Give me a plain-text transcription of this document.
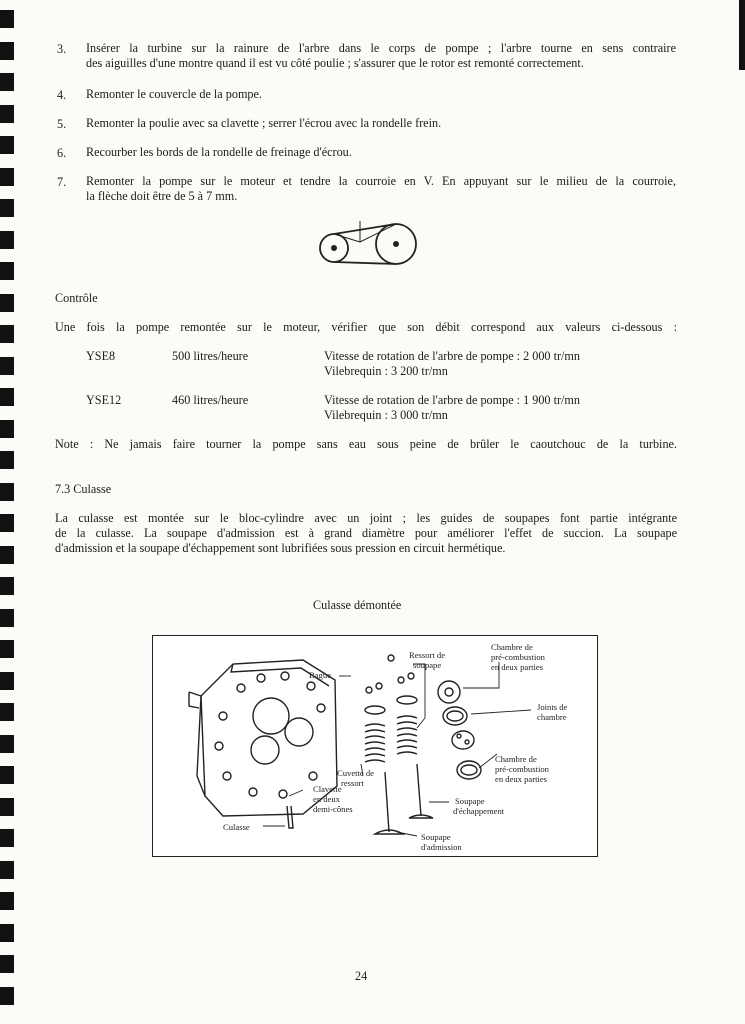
3. Insérer la turbine sur la rainure de l'arbre dans le corps de pompe ; l'arbre tourne en sens contraire
des aiguilles d'une montre quand il est vu côté poulie ; s'assurer que le rotor est remonté correctement.
4. Remonter le couvercle de la pompe.
5. Remonter la poulie avec sa clavette ; serrer l'écrou avec la rondelle frein.
6. Recourber les bords de la rondelle de freinage d'écrou.
7. Remonter la pompe sur le moteur et tendre la courroie en V. En appuyant sur le milieu de la courroie,
la flèche doit être de 5 à 7 mm.
Contrôle
Une fois la pompe remontée sur le moteur, vérifier que son débit correspond aux valeurs ci-dessous :
YSE8	500 litres/heure	Vitesse de rotation de l'arbre de pompe : 2 000 tr/mn
Vilebrequin : 3 200 tr/mn
YSE12	460 litres/heure	Vitesse de rotation de l'arbre de pompe : 1 900 tr/mn
Vilebrequin : 3 000 tr/mn
Note : Ne jamais faire tourner la pompe sans eau sous peine de brûler le caoutchouc de la turbine.
7.3 Culasse
La culasse est montée sur le bloc-cylindre avec un joint ; les guides de soupapes font partie intégrante
de la culasse. La soupape d'admission est à grand diamètre pour améliorer l'effet de succion. La soupape
d'admission et la soupape d'échappement sont lubrifiées sous pression en circuit hermétique.
Culasse démontée
Bague
Ressort de
soupape
Chambre de
pré-combustion
en deux parties
Joints de
chambre
Chambre de
pré-combustion
en deux parties
Cuvette de
ressort
Clavette
en deux
demi-cônes
Culasse
Soupape
d'échappement
Soupape
d'admission
24
